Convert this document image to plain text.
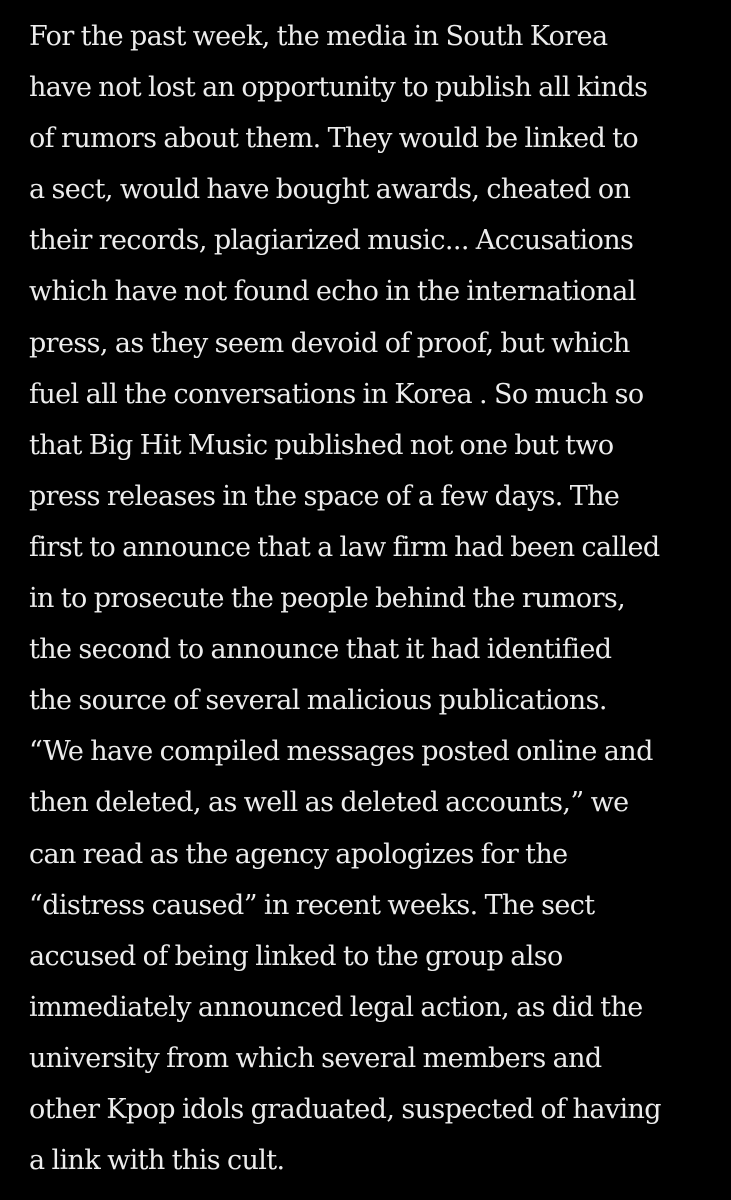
For the past week, the media in South Korea
have not lost an opportunity to publish all kinds
of rumors about them. They would be linked to
a sect, would have bought awards, cheated on
their records, plagiarized music... Accusations
which have not found echo in the international
press, as they seem devoid of proof, but which
fuel all the conversations in Korea . So much so
that Big Hit Music published not one but two
press releases in the space of a few days. The
first to announce that a law firm had been called
in to prosecute the people behind the rumors,
the second to announce that it had identified
the source of several malicious publications.
“We have compiled messages posted online and
then deleted, as well as deleted accounts,” we
can read as the agency apologizes for the
“distress caused” in recent weeks. The sect
accused of being linked to the group also
immediately announced legal action, as did the
university from which several members and
other Kpop idols graduated, suspected of having
a link with this cult.
